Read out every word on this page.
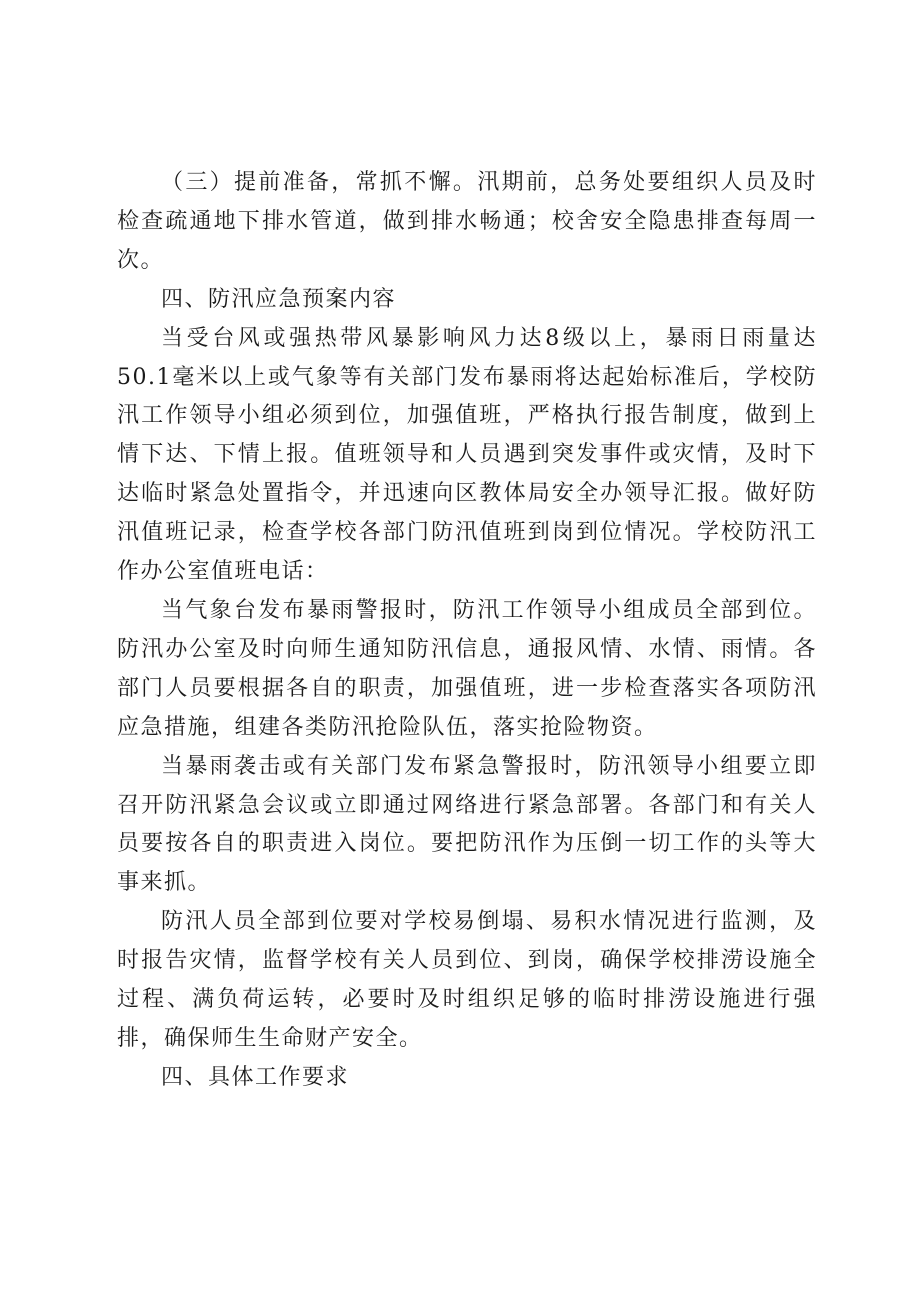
（三）提前准备，常抓不懈。汛期前，总务处要组织人员及时检查疏通地下排水管道，做到排水畅通；校舍安全隐患排查每周一次。

四、防汛应急预案内容

当受台风或强热带风暴影响风力达8级以上，暴雨日雨量达50.1毫米以上或气象等有关部门发布暴雨将达起始标准后，学校防汛工作领导小组必须到位，加强值班，严格执行报告制度，做到上情下达、下情上报。值班领导和人员遇到突发事件或灾情，及时下达临时紧急处置指令，并迅速向区教体局安全办领导汇报。做好防汛值班记录，检查学校各部门防汛值班到岗到位情况。学校防汛工作办公室值班电话：

当气象台发布暴雨警报时，防汛工作领导小组成员全部到位。防汛办公室及时向师生通知防汛信息，通报风情、水情、雨情。各部门人员要根据各自的职责，加强值班，进一步检查落实各项防汛应急措施，组建各类防汛抢险队伍，落实抢险物资。

当暴雨袭击或有关部门发布紧急警报时，防汛领导小组要立即召开防汛紧急会议或立即通过网络进行紧急部署。各部门和有关人员要按各自的职责进入岗位。要把防汛作为压倒一切工作的头等大事来抓。

防汛人员全部到位要对学校易倒塌、易积水情况进行监测，及时报告灾情，监督学校有关人员到位、到岗，确保学校排涝设施全过程、满负荷运转，必要时及时组织足够的临时排涝设施进行强排，确保师生生命财产安全。

四、具体工作要求
